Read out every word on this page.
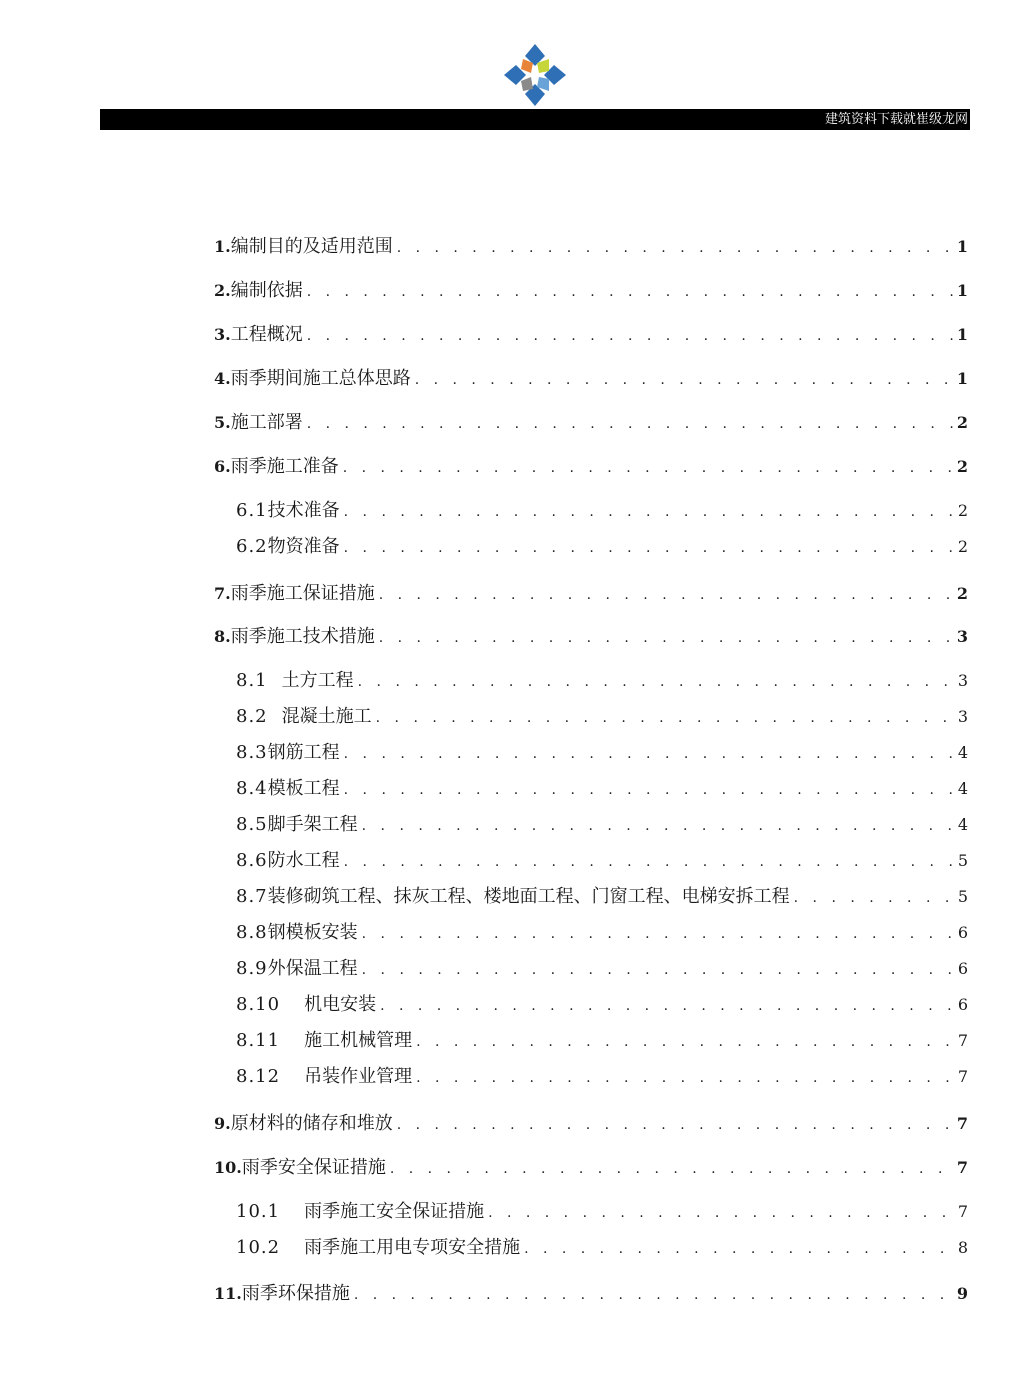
建筑资料下载就崔级龙网
1. 编制目的及适用范围 . . .	1
2. 编制依据 . . .	1
3. 工程概况 . . .	1
4. 雨季期间施工总体思路 . . .	1
5. 施工部署 . . .	2
6. 雨季施工准备 . . .	2
6.1 技术准备 . . .	2
6.2 物资准备 . . .	2
7. 雨季施工保证措施 . . .	2
8. 雨季施工技术措施 . . .	3
8.1 土方工程 . . .	3
8.2 混凝土施工 . . .	3
8.3 钢筋工程 . . .	4
8.4 模板工程 . . .	4
8.5 脚手架工程 . . .	4
8.6 防水工程 . . .	5
8.7 装修砌筑工程、抹灰工程、楼地面工程、门窗工程、电梯安拆工程 . . .	5
8.8 钢模板安装 . . .	6
8.9 外保温工程 . . .	6
8.10 机电安装 . . .	6
8.11 施工机械管理 . . .	7
8.12 吊装作业管理 . . .	7
9. 原材料的储存和堆放 . . .	7
10. 雨季安全保证措施 . . .	7
10.1 雨季施工安全保证措施 . . .	7
10.2 雨季施工用电专项安全措施 . . .	8
11. 雨季环保措施 . . .	9
